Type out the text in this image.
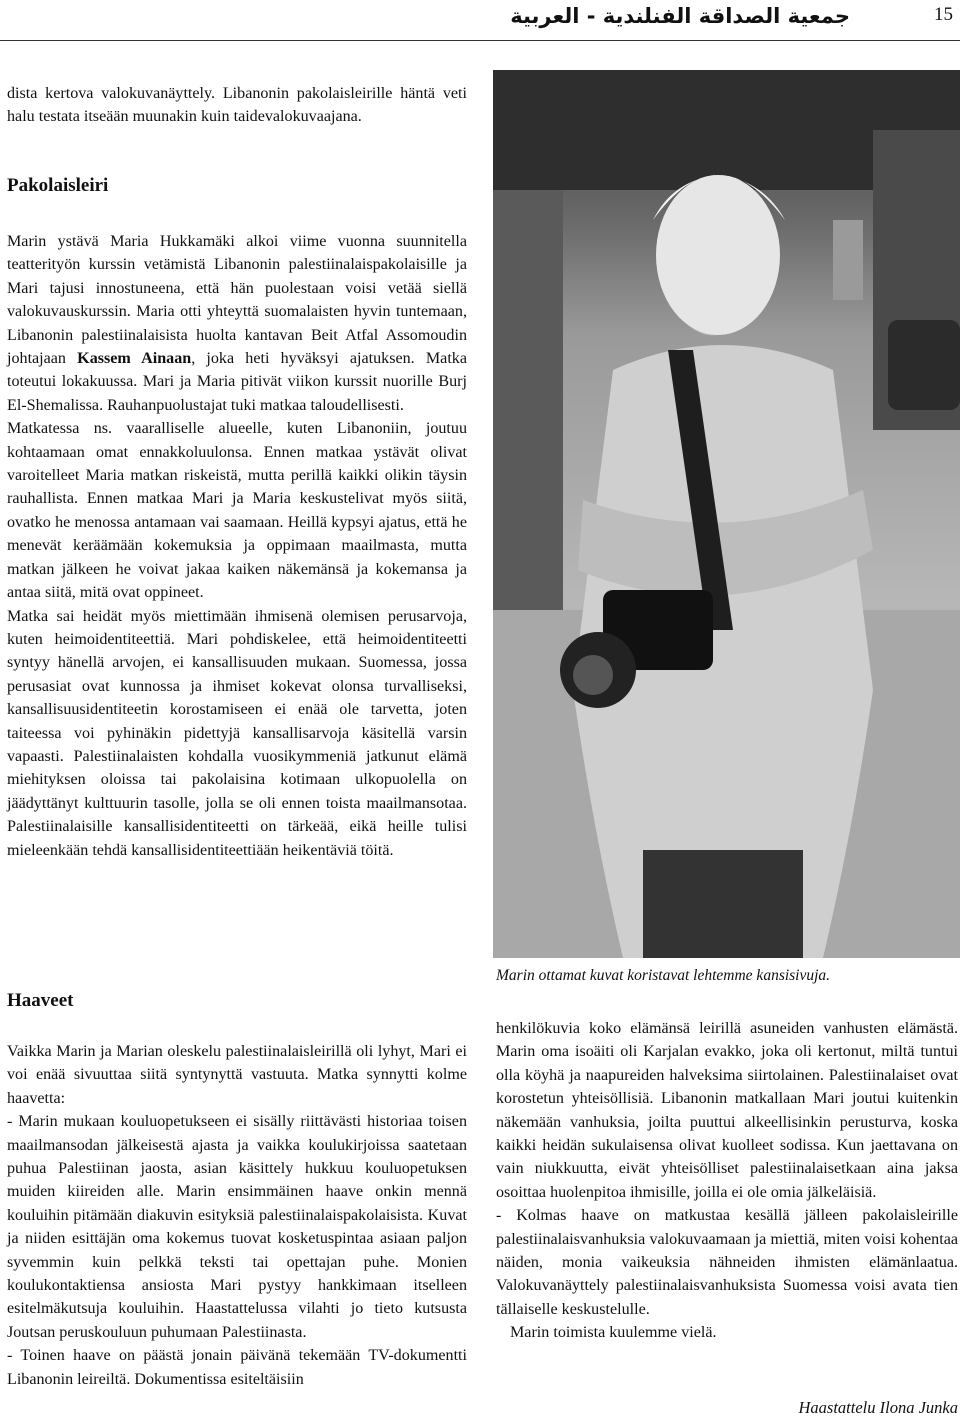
جمعية الصداقة الفنلندية - العربية	15

dista kertova valokuvanäyttely. Libanonin pakolaisleirille häntä veti halu testata itseään muunakin kuin taidevalokuvaajana.

Pakolaisleiri

Marin ystävä Maria Hukkamäki alkoi viime vuonna suunnitella teatterityön kurssin vetämistä Libanonin palestiinalaispakolaisille ja Mari tajusi innostuneena, että hän puolestaan voisi vetää siellä valokuvauskurssin. Maria otti yhteyttä suomalaisten hyvin tuntemaan, Libanonin palestiinalaisista huolta kantavan Beit Atfal Assomoudin johtajaan Kassem Ainaan, joka heti hyväksyi ajatuksen. Matka toteutui lokakuussa. Mari ja Maria pitivät viikon kurssit nuorille Burj El-Shemalissa. Rauhanpuolustajat tuki matkaa taloudellisesti.

Matkatessa ns. vaaralliselle alueelle, kuten Libanoniin, joutuu kohtaamaan omat ennakkoluulonsa. Ennen matkaa ystävät olivat varoitelleet Maria matkan riskeistä, mutta perillä kaikki olikin täysin rauhallista. Ennen matkaa Mari ja Maria keskustelivat myös siitä, ovatko he menossa antamaan vai saamaan. Heillä kypsyi ajatus, että he menevät keräämään kokemuksia ja oppimaan maailmasta, mutta matkan jälkeen he voivat jakaa kaiken näkemänsä ja kokemansa ja antaa siitä, mitä ovat oppineet.

Matka sai heidät myös miettimään ihmisenä olemisen perusarvoja, kuten heimoidentiteettiä. Mari pohdiskelee, että heimoidentiteetti syntyy hänellä arvojen, ei kansallisuuden mukaan. Suomessa, jossa perusasiat ovat kunnossa ja ihmiset kokevat olonsa turvalliseksi, kansallisuusidentiteetin korostamiseen ei enää ole tarvetta, joten taiteessa voi pyhinäkin pidettyjä kansallisarvoja käsitellä varsin vapaasti. Palestiinalaisten kohdalla vuosikymmeniä jatkunut elämä miehityksen oloissa tai pakolaisina kotimaan ulkopuolella on jäädyttänyt kulttuurin tasolle, jolla se oli ennen toista maailmansotaa. Palestiinalaisille kansallisidentiteetti on tärkeää, eikä heille tulisi mieleenkään tehdä kansallisidentiteettiään heikentäviä töitä.

Haaveet

Vaikka Marin ja Marian oleskelu palestiinalaisleirillä oli lyhyt, Mari ei voi enää sivuuttaa siitä syntynyttä vastuuta. Matka synnytti kolme haavetta:

- Marin mukaan kouluopetukseen ei sisälly riittävästi historiaa toisen maailmansodan jälkeisestä ajasta ja vaikka koulukirjoissa saatetaan puhua Palestiinan jaosta, asian käsittely hukkuu kouluopetuksen muiden kiireiden alle. Marin ensimmäinen haave onkin mennä kouluihin pitämään diakuvin esityksiä palestiinalaispakolaisista. Kuvat ja niiden esittäjän oma kokemus tuovat kosketuspintaa asiaan paljon syvemmin kuin pelkkä teksti tai opettajan puhe. Monien koulukontaktiensa ansiosta Mari pystyy hankkimaan itselleen esitelmäkutsuja kouluihin. Haastattelussa vilahti jo tieto kutsusta Joutsan peruskouluun puhumaan Palestiinasta.

- Toinen haave on päästä jonain päivänä tekemään TV-dokumentti Libanonin leireiltä. Dokumentissa esiteltäisiin

Marin ottamat kuvat koristavat lehtemme kansisivuja.

henkilökuvia koko elämänsä leirillä asuneiden vanhusten elämästä. Marin oma isoäiti oli Karjalan evakko, joka oli kertonut, miltä tuntui olla köyhä ja naapureiden halveksima siirtolainen. Palestiinalaiset ovat korostetun yhteisöllisiä. Libanonin matkallaan Mari joutui kuitenkin näkemään vanhuksia, joilta puuttui alkeellisinkin perusturva, koska kaikki heidän sukulaisensa olivat kuolleet sodissa. Kun jaettavana on vain niukkuutta, eivät yhteisölliset palestiinalaisetkaan aina jaksa osoittaa huolenpitoa ihmisille, joilla ei ole omia jälkeläisiä.

- Kolmas haave on matkustaa kesällä jälleen pakolaisleirille palestiinalaisvanhuksia valokuvaamaan ja miettiä, miten voisi kohentaa näiden, monia vaikeuksia nähneiden ihmisten elämänlaatua. Valokuvanäyttely palestiinalaisvanhuksista Suomessa voisi avata tien tällaiselle keskustelulle.

Marin toimista kuulemme vielä.

Haastattelu Ilona Junka
